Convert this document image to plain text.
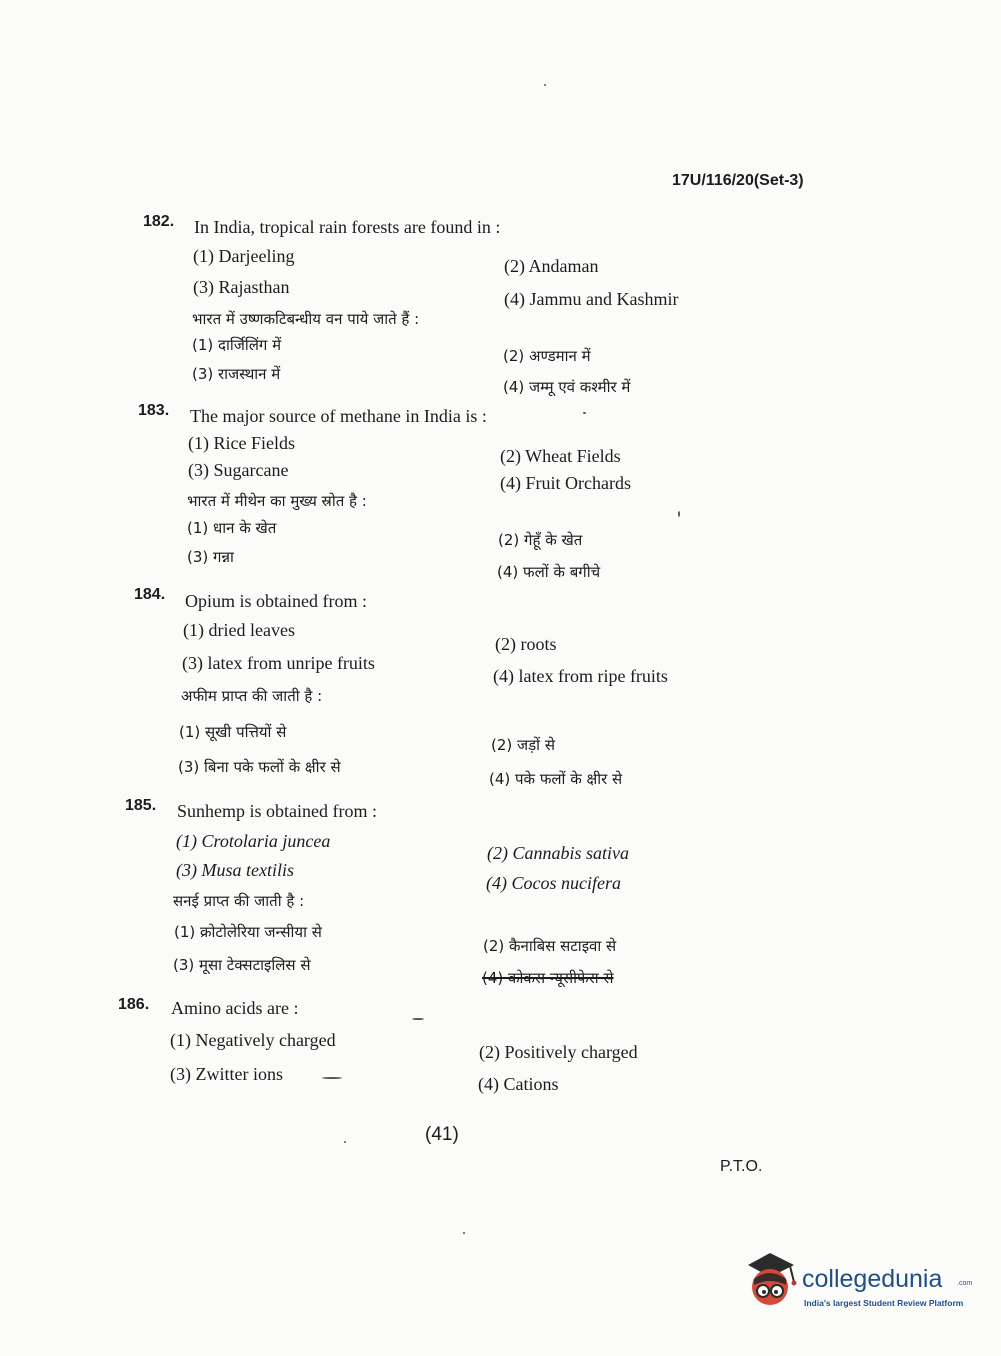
17U/116/20(Set-3)
182. In India, tropical rain forests are found in :
(1) Darjeeling	(2) Andaman
(3) Rajasthan
(4) Jammu and Kashmir
भारत में उष्णकटिबन्धीय वन पाये जाते हैं :
(1) दार्जिलिंग में
(2) अण्डमान में
(3) राजस्थान में
(4) जम्मू एवं कश्मीर में
183. The major source of methane in India is :
(1) Rice Fields
(2) Wheat Fields
(3) Sugarcane
(4) Fruit Orchards
भारत में मीथेन का मुख्य स्रोत है :
(1) धान के खेत
(2) गेहूँ के खेत
(3) गन्ना
(4) फलों के बगीचे
184. Opium is obtained from :
(1) dried leaves
(2) roots
(3) latex from unripe fruits
(4) latex from ripe fruits
अफीम प्राप्त की जाती है :
(1) सूखी पत्तियों से
(2) जड़ों से
(3) बिना पके फलों के क्षीर से
(4) पके फलों के क्षीर से
185. Sunhemp is obtained from :
(1) Crotolaria juncea
(2) Cannabis sativa
(3) Musa textilis
(4) Cocos nucifera
सनई प्राप्त की जाती है :
(1) क्रोटोलेरिया जन्सीया से
(2) कैनाबिस सटाइवा से
(3) मूसा टेक्सटाइलिस से
(4) कोकस न्यूसीफेरा से
186. Amino acids are :
(1) Negatively charged
(2) Positively charged
(3) Zwitter ions	(4) Cations
(41)
P.T.O.
collegedunia .com
India's largest Student Review Platform
